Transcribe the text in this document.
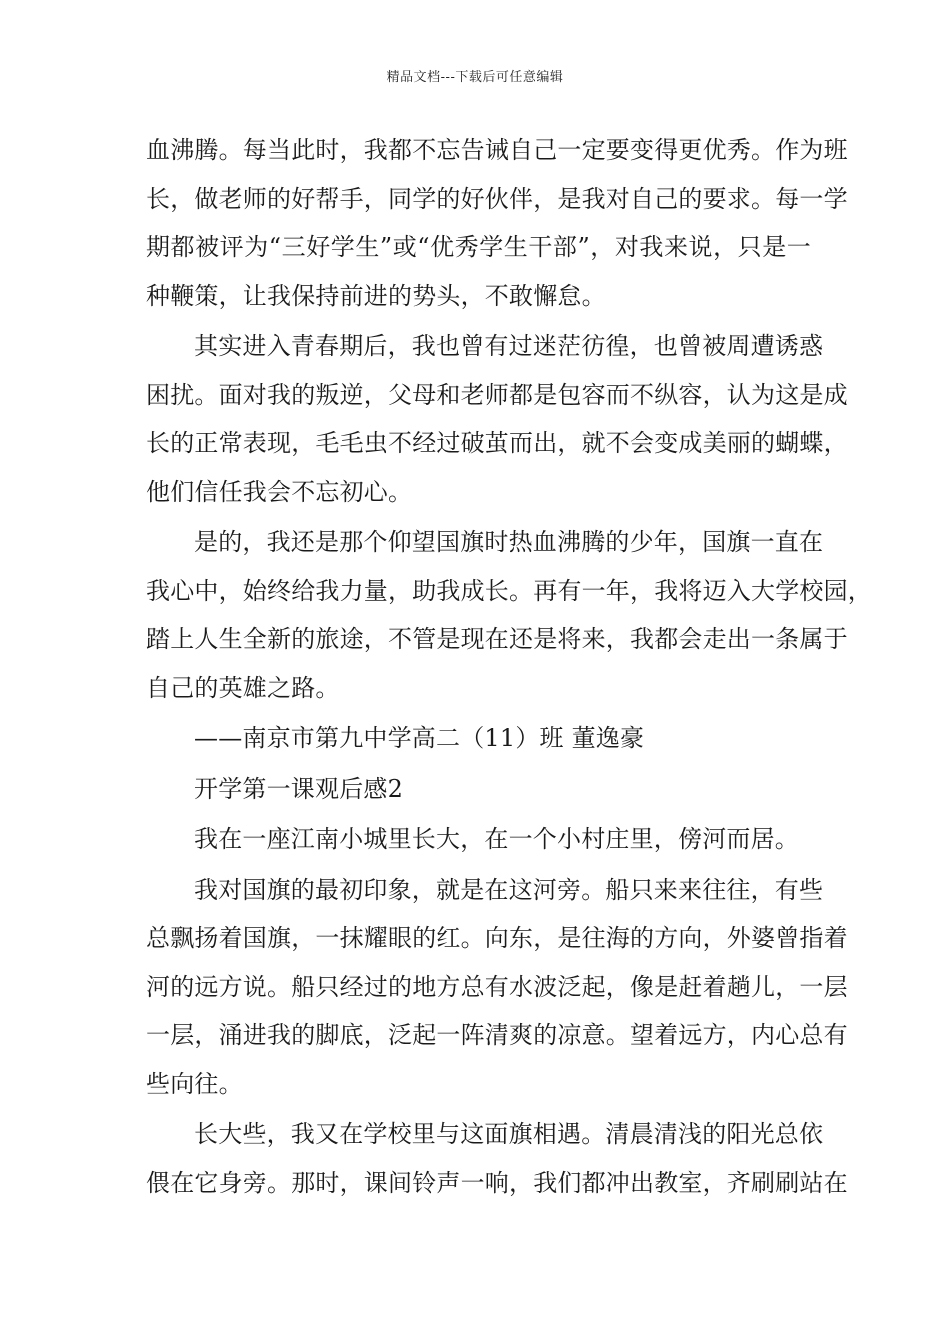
精品文档---下载后可任意编辑
血沸腾。每当此时，我都不忘告诫自己一定要变得更优秀。作为班
长，做老师的好帮手，同学的好伙伴，是我对自己的要求。每一学
期都被评为“三好学生”或“优秀学生干部”，对我来说，只是一
种鞭策，让我保持前进的势头，不敢懈怠。
其实进入青春期后，我也曾有过迷茫彷徨，也曾被周遭诱惑
困扰。面对我的叛逆，父母和老师都是包容而不纵容，认为这是成
长的正常表现，毛毛虫不经过破茧而出，就不会变成美丽的蝴蝶，
他们信任我会不忘初心。
是的，我还是那个仰望国旗时热血沸腾的少年，国旗一直在
我心中，始终给我力量，助我成长。再有一年，我将迈入大学校园，
踏上人生全新的旅途，不管是现在还是将来，我都会走出一条属于
自己的英雄之路。
——南京市第九中学高二（11）班 董逸豪
开学第一课观后感2
我在一座江南小城里长大，在一个小村庄里，傍河而居。
我对国旗的最初印象，就是在这河旁。船只来来往往，有些
总飘扬着国旗，一抹耀眼的红。向东，是往海的方向，外婆曾指着
河的远方说。船只经过的地方总有水波泛起，像是赶着趟儿，一层
一层，涌进我的脚底，泛起一阵清爽的凉意。望着远方，内心总有
些向往。
长大些，我又在学校里与这面旗相遇。清晨清浅的阳光总依
偎在它身旁。那时，课间铃声一响，我们都冲出教室，齐刷刷站在
